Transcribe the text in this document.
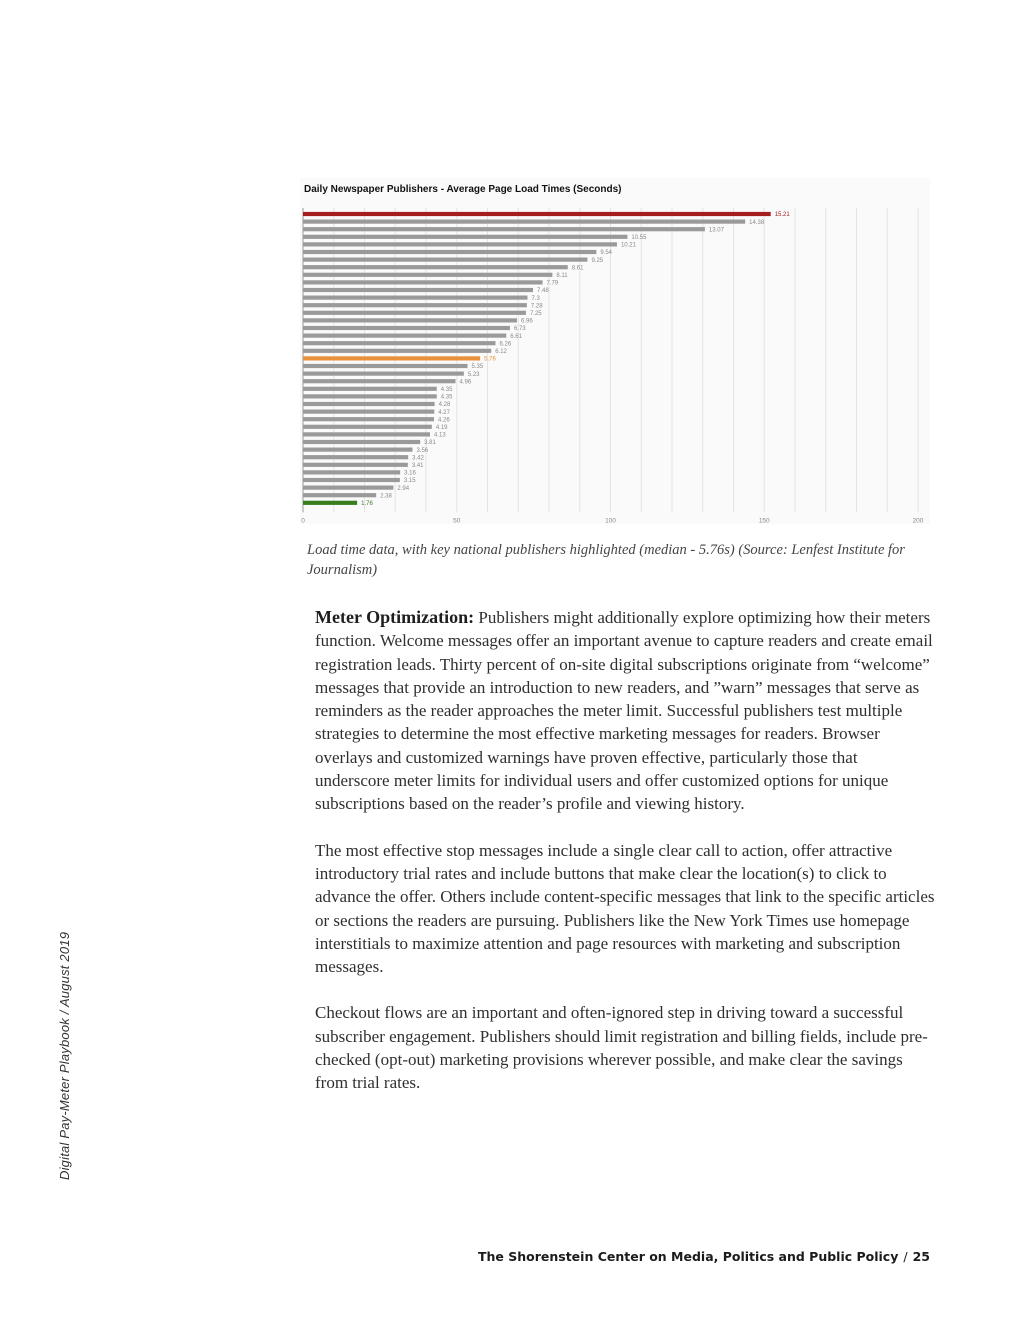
15.21
14.38
13.07
10.55
10.21
9.54
9.25
8.61
8.11
7.79
7.48
7.3
7.28
7.25
6.96
6.73
6.61
6.26
6.12
5.76
5.35
5.23
4.96
4.35
4.35
4.28
4.27
4.26
4.19
4.13
3.81
3.56
3.42
3.41
3.16
3.15
2.94
2.38
1.76
0	50	100	150	200
Daily Newspaper Publishers - Average Page Load Times (Seconds)

Load time data, with key national publishers highlighted (median - 5.76s) (Source: Lenfest Institute for Journalism)

Meter Optimization: Publishers might additionally explore optimizing how their meters function. Welcome messages offer an important avenue to capture readers and create email registration leads. Thirty percent of on-site digital subscriptions originate from “welcome” messages that provide an introduction to new readers, and ”warn” messages that serve as reminders as the reader approaches the meter limit. Successful publishers test multiple strategies to determine the most effective marketing messages for readers. Browser overlays and customized warnings have proven effective, particularly those that underscore meter limits for individual users and offer customized options for unique subscriptions based on the reader’s profile and viewing history.

The most effective stop messages include a single clear call to action, offer attractive introductory trial rates and include buttons that make clear the location(s) to click to advance the offer. Others include content-specific messages that link to the specific articles or sections the readers are pursuing. Publishers like the New York Times use homepage interstitials to maximize attention and page resources with marketing and subscription messages.

Checkout flows are an important and often-ignored step in driving toward a successful subscriber engagement. Publishers should limit registration and billing fields, include pre-checked (opt-out) marketing provisions wherever possible, and make clear the savings from trial rates.

Digital Pay-Meter Playbook / August 2019
The Shorenstein Center on Media, Politics and Public Policy / 25
